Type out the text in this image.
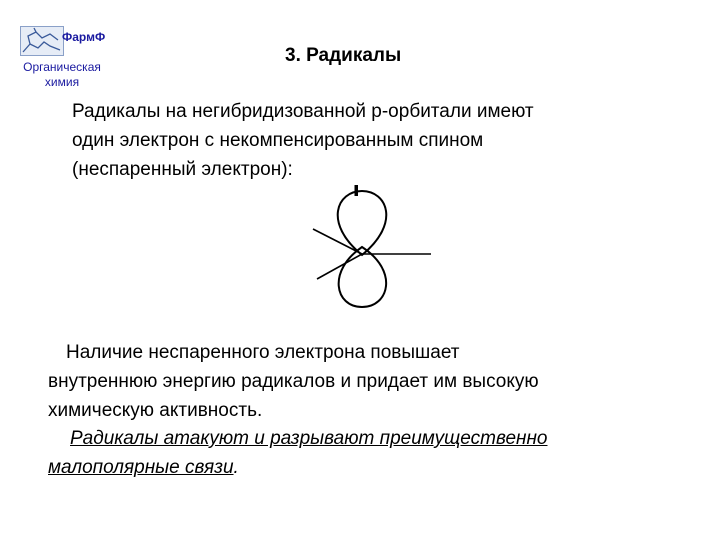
ФармФ
Органическая
химия
3. Радикалы
Радикалы на негибридизованной р-орбитали имеют
один электрон с некомпенсированным спином
(неспаренный электрон):
Наличие неспаренного электрона повышает
внутреннюю энергию радикалов и придает им высокую
химическую активность.
Радикалы атакуют и разрывают преимущественно
малополярные связи.
